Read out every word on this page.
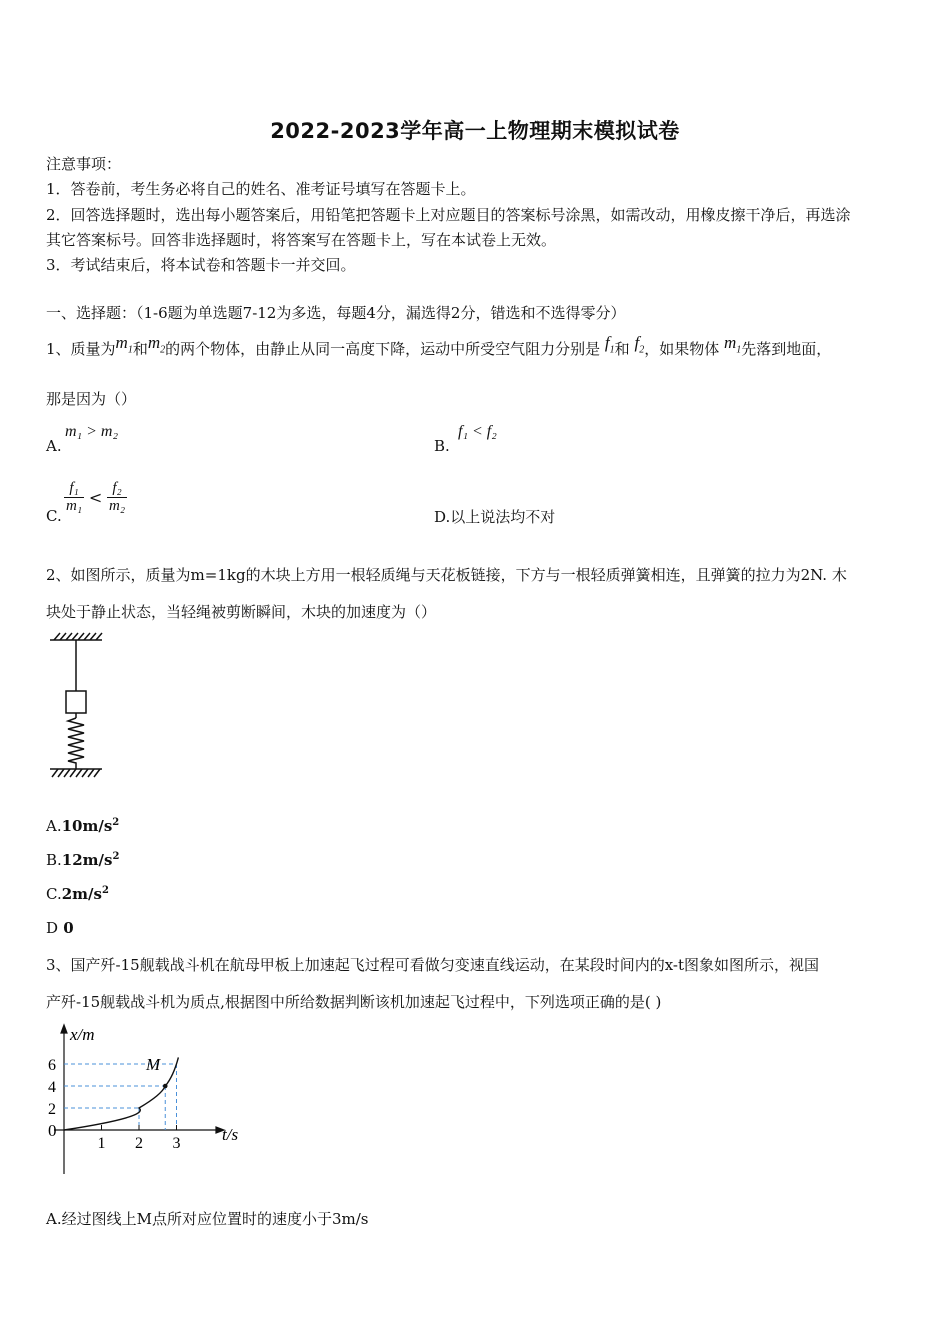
2022-2023学年高一上物理期末模拟试卷
注意事项：
1．答卷前，考生务必将自己的姓名、准考证号填写在答题卡上。
2．回答选择题时，选出每小题答案后，用铅笔把答题卡上对应题目的答案标号涂黑，如需改动，用橡皮擦干净后，再选涂
其它答案标号。回答非选择题时，将答案写在答题卡上，写在本试卷上无效。
3．考试结束后，将本试卷和答题卡一并交回。
一、选择题：（1-6题为单选题7-12为多选，每题4分，漏选得2分，错选和不选得零分）
1、质量为$m_1$和$m_2$的两个物体，由静止从同一高度下降，运动中所受空气阻力分别是 $f_1$和 $f_2$，如果物体 $m_1$先落到地面，
那是因为（）
A.
m₁ > m₂
B.
f₁ < f₂
C.
$\frac{\text{f₁}}{\text{m₁}} < \frac{\text{f₂}}{\text{m₂}}$
D.以上说法均不对
2、如图所示，质量为m=1kg的木块上方用一根轻质绳与天花板链接，下方与一根轻质弹簧相连，且弹簧的拉力为2N. 木
块处于静止状态，当轻绳被剪断瞬间，木块的加速度为（）
$A.10m/s^2$
$B.12m/s^2$
$C.2m/s^2$
D 0
3、国产歼-15舰载战斗机在航母甲板上加速起飞过程可看做匀变速直线运动，在某段时间内的x-t图象如图所示，视国
产歼-15舰载战斗机为质点,根据图中所给数据判断该机加速起飞过程中，下列选项正确的是( )
1 2 3
2
4
6
x/m
t/s
0
M
A.经过图线上M点所对应位置时的速度小于3m/s
